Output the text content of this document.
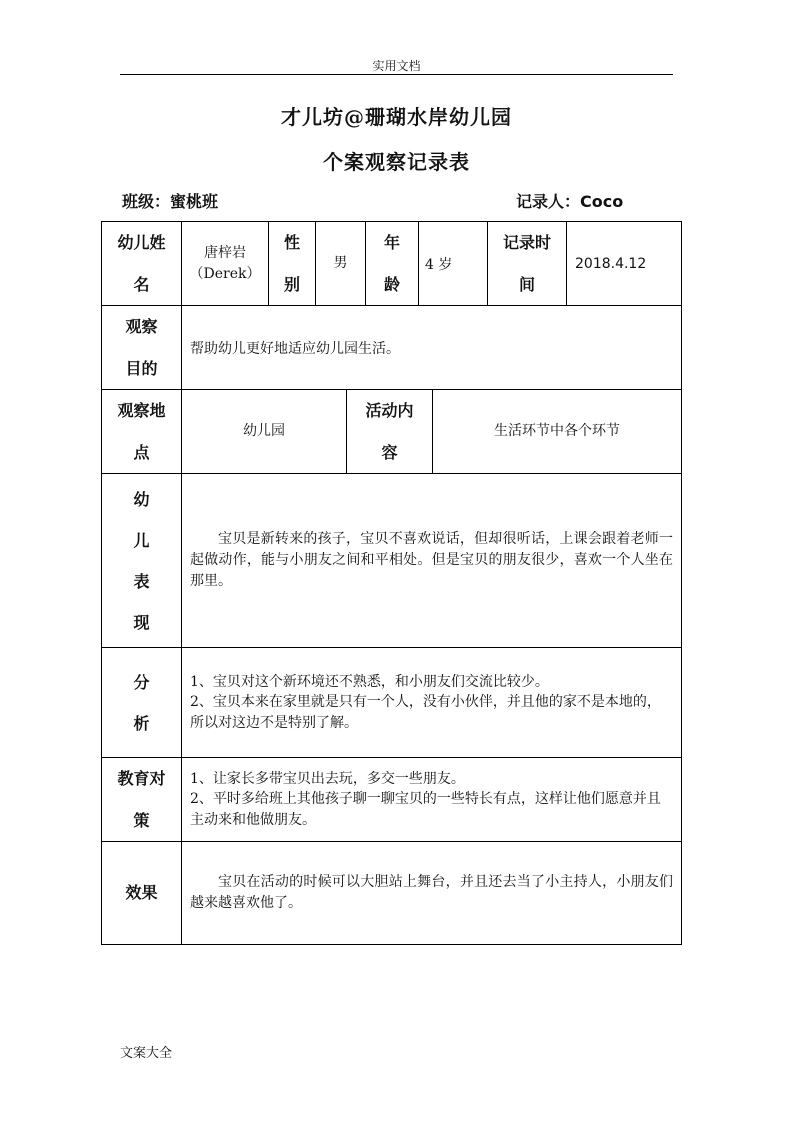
实用文档
才儿坊@珊瑚水岸幼儿园
个案观察记录表
班级：蜜桃班	记录人：Coco
幼儿姓
名
唐梓岩
（Derek）
性
别
男
年
龄
4 岁
记录时
间
2018.4.12
观察
目的
帮助幼儿更好地适应幼儿园生活。
观察地
点
幼儿园
活动内
容
生活环节中各个环节
幼
儿
表
现
宝贝是新转来的孩子，宝贝不喜欢说话，但却很听话，上课会跟着老师一起做动作，能与小朋友之间和平相处。但是宝贝的朋友很少，喜欢一个人坐在那里。
分
析
1、宝贝对这个新环境还不熟悉，和小朋友们交流比较少。
2、宝贝本来在家里就是只有一个人，没有小伙伴，并且他的家不是本地的，所以对这边不是特别了解。
教育对
策
1、让家长多带宝贝出去玩，多交一些朋友。
2、平时多给班上其他孩子聊一聊宝贝的一些特长有点，这样让他们愿意并且主动来和他做朋友。
效果
宝贝在活动的时候可以大胆站上舞台，并且还去当了小主持人，小朋友们越来越喜欢他了。
文案大全
